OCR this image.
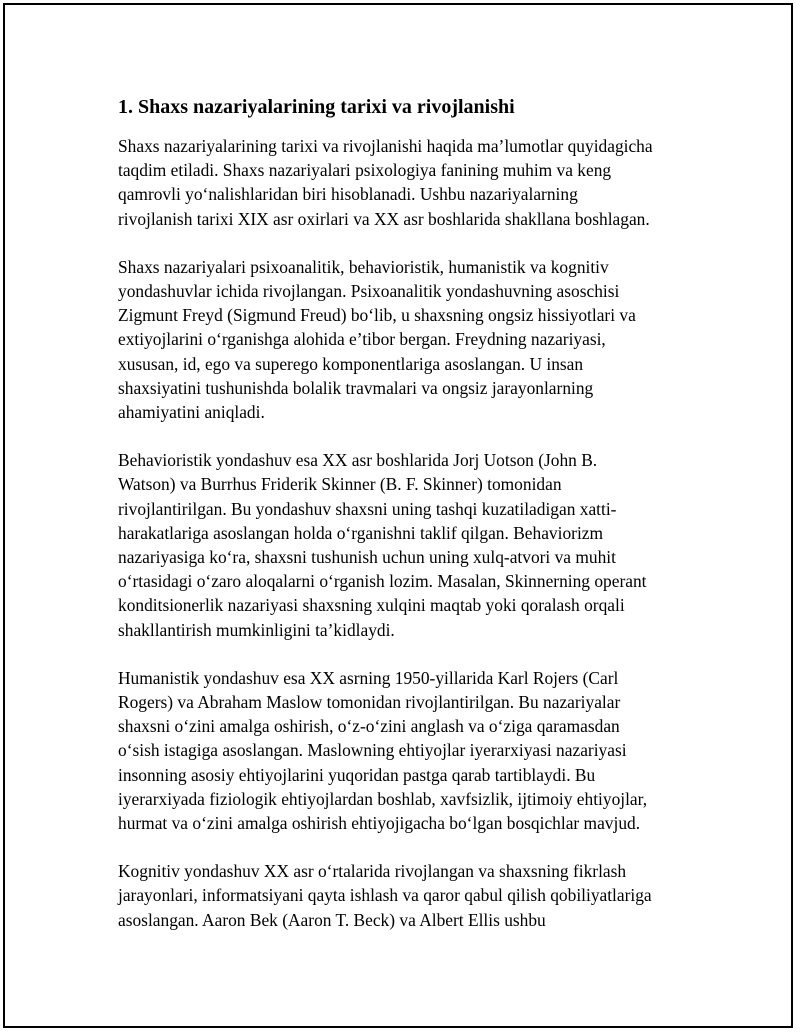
1. Shaxs nazariyalarining tarixi va rivojlanishi
Shaxs nazariyalarining tarixi va rivojlanishi haqida ma’lumotlar quyidagicha
taqdim etiladi. Shaxs nazariyalari psixologiya fanining muhim va keng
qamrovli yo‘nalishlaridan biri hisoblanadi. Ushbu nazariyalarning
rivojlanish tarixi XIX asr oxirlari va XX asr boshlarida shakllana boshlagan.
Shaxs nazariyalari psixoanalitik, behavioristik, humanistik va kognitiv
yondashuvlar ichida rivojlangan. Psixoanalitik yondashuvning asoschisi
Zigmunt Freyd (Sigmund Freud) bo‘lib, u shaxsning ongsiz hissiyotlari va
extiyojlarini o‘rganishga alohida e’tibor bergan. Freydning nazariyasi,
xususan, id, ego va superego komponentlariga asoslangan. U insan
shaxsiyatini tushunishda bolalik travmalari va ongsiz jarayonlarning
ahamiyatini aniqladi.
Behavioristik yondashuv esa XX asr boshlarida Jorj Uotson (John B.
Watson) va Burrhus Friderik Skinner (B. F. Skinner) tomonidan
rivojlantirilgan. Bu yondashuv shaxsni uning tashqi kuzatiladigan xatti-
harakatlariga asoslangan holda o‘rganishni taklif qilgan. Behaviorizm
nazariyasiga ko‘ra, shaxsni tushunish uchun uning xulq-atvori va muhit
o‘rtasidagi o‘zaro aloqalarni o‘rganish lozim. Masalan, Skinnerning operant
konditsionerlik nazariyasi shaxsning xulqini maqtab yoki qoralash orqali
shakllantirish mumkinligini ta’kidlaydi.
Humanistik yondashuv esa XX asrning 1950-yillarida Karl Rojers (Carl
Rogers) va Abraham Maslow tomonidan rivojlantirilgan. Bu nazariyalar
shaxsni o‘zini amalga oshirish, o‘z-o‘zini anglash va o‘ziga qaramasdan
o‘sish istagiga asoslangan. Maslowning ehtiyojlar iyerarxiyasi nazariyasi
insonning asosiy ehtiyojlarini yuqoridan pastga qarab tartiblaydi. Bu
iyerarxiyada fiziologik ehtiyojlardan boshlab, xavfsizlik, ijtimoiy ehtiyojlar,
hurmat va o‘zini amalga oshirish ehtiyojigacha bo‘lgan bosqichlar mavjud.
Kognitiv yondashuv XX asr o‘rtalarida rivojlangan va shaxsning fikrlash
jarayonlari, informatsiyani qayta ishlash va qaror qabul qilish qobiliyatlariga
asoslangan. Aaron Bek (Aaron T. Beck) va Albert Ellis ushbu
